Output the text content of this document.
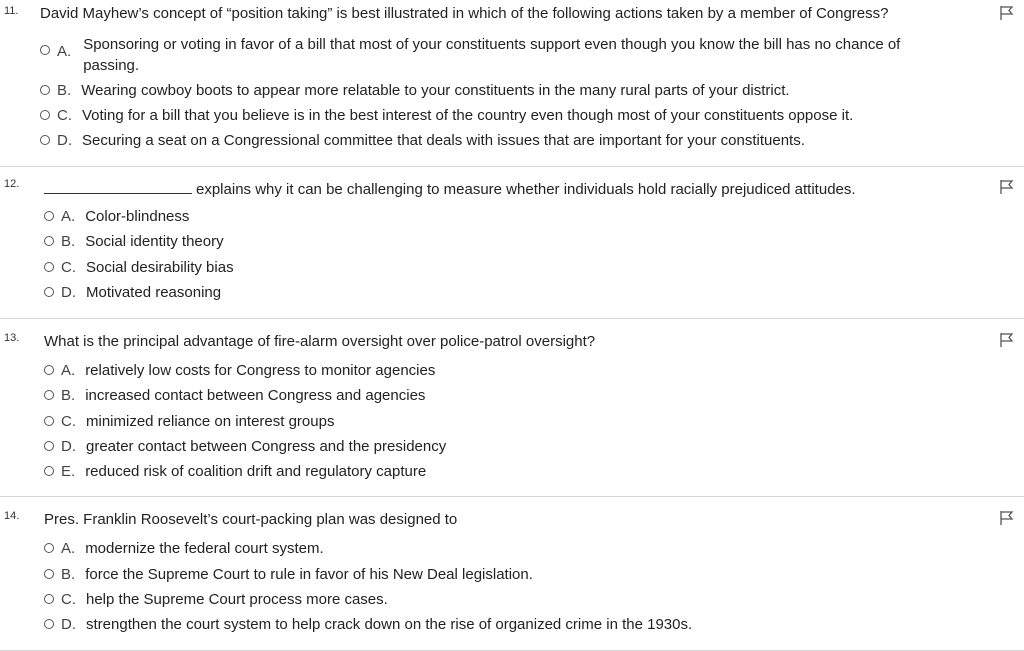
11. David Mayhew’s concept of “position taking” is best illustrated in which of the following actions taken by a member of Congress?
A. Sponsoring or voting in favor of a bill that most of your constituents support even though you know the bill has no chance of passing.
B. Wearing cowboy boots to appear more relatable to your constituents in the many rural parts of your district.
C. Voting for a bill that you believe is in the best interest of the country even though most of your constituents oppose it.
D. Securing a seat on a Congressional committee that deals with issues that are important for your constituents.
12.	explains why it can be challenging to measure whether individuals hold racially prejudiced attitudes.
A. Color-blindness
B. Social identity theory
C. Social desirability bias
D. Motivated reasoning
13. What is the principal advantage of fire-alarm oversight over police-patrol oversight?
A. relatively low costs for Congress to monitor agencies
B. increased contact between Congress and agencies
C. minimized reliance on interest groups
D. greater contact between Congress and the presidency
E. reduced risk of coalition drift and regulatory capture
14. Pres. Franklin Roosevelt’s court-packing plan was designed to
A. modernize the federal court system.
B. force the Supreme Court to rule in favor of his New Deal legislation.
C. help the Supreme Court process more cases.
D. strengthen the court system to help crack down on the rise of organized crime in the 1930s.
